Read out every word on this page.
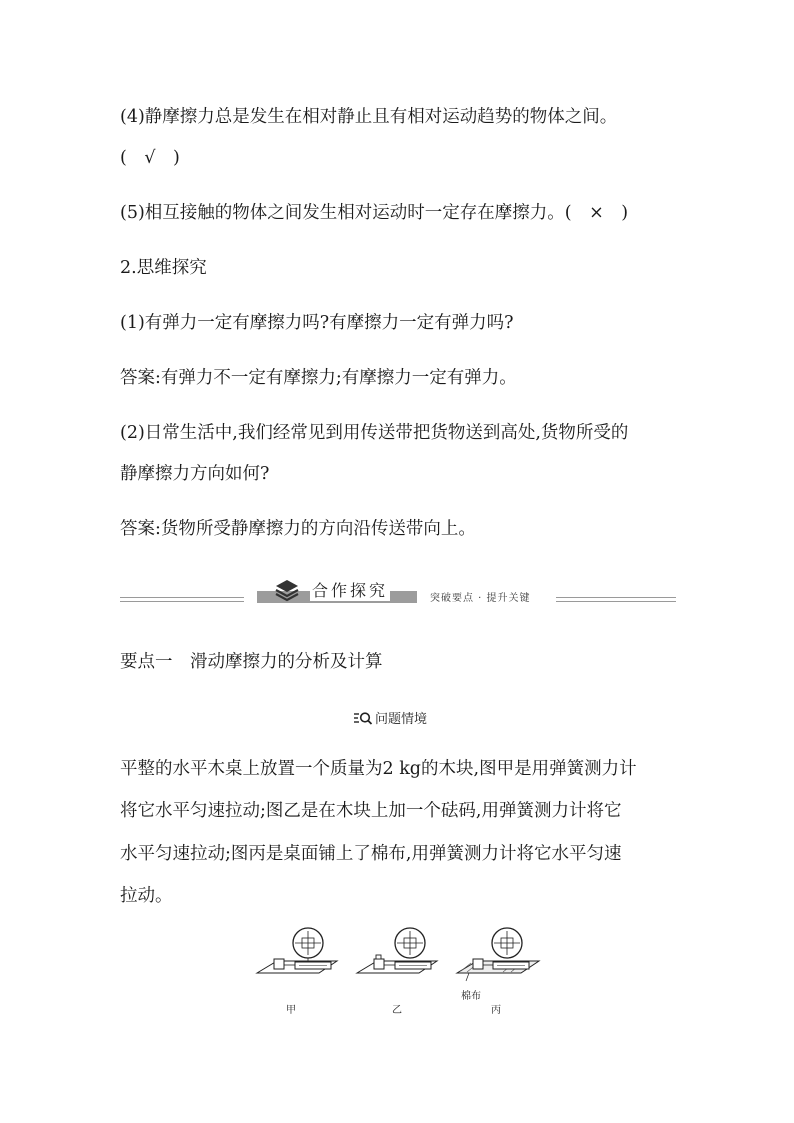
(4)静摩擦力总是发生在相对静止且有相对运动趋势的物体之间。
(　√　)
(5)相互接触的物体之间发生相对运动时一定存在摩擦力。(　×　)
2.思维探究
(1)有弹力一定有摩擦力吗?有摩擦力一定有弹力吗?
答案:有弹力不一定有摩擦力;有摩擦力一定有弹力。
(2)日常生活中,我们经常见到用传送带把货物送到高处,货物所受的
静摩擦力方向如何?
答案:货物所受静摩擦力的方向沿传送带向上。
合作探究	突破要点 · 提升关键
要点一　滑动摩擦力的分析及计算
问题情境
平整的水平木桌上放置一个质量为2 kg的木块,图甲是用弹簧测力计
将它水平匀速拉动;图乙是在木块上加一个砝码,用弹簧测力计将它
水平匀速拉动;图丙是桌面铺上了棉布,用弹簧测力计将它水平匀速
拉动。
甲	乙
棉布
丙
